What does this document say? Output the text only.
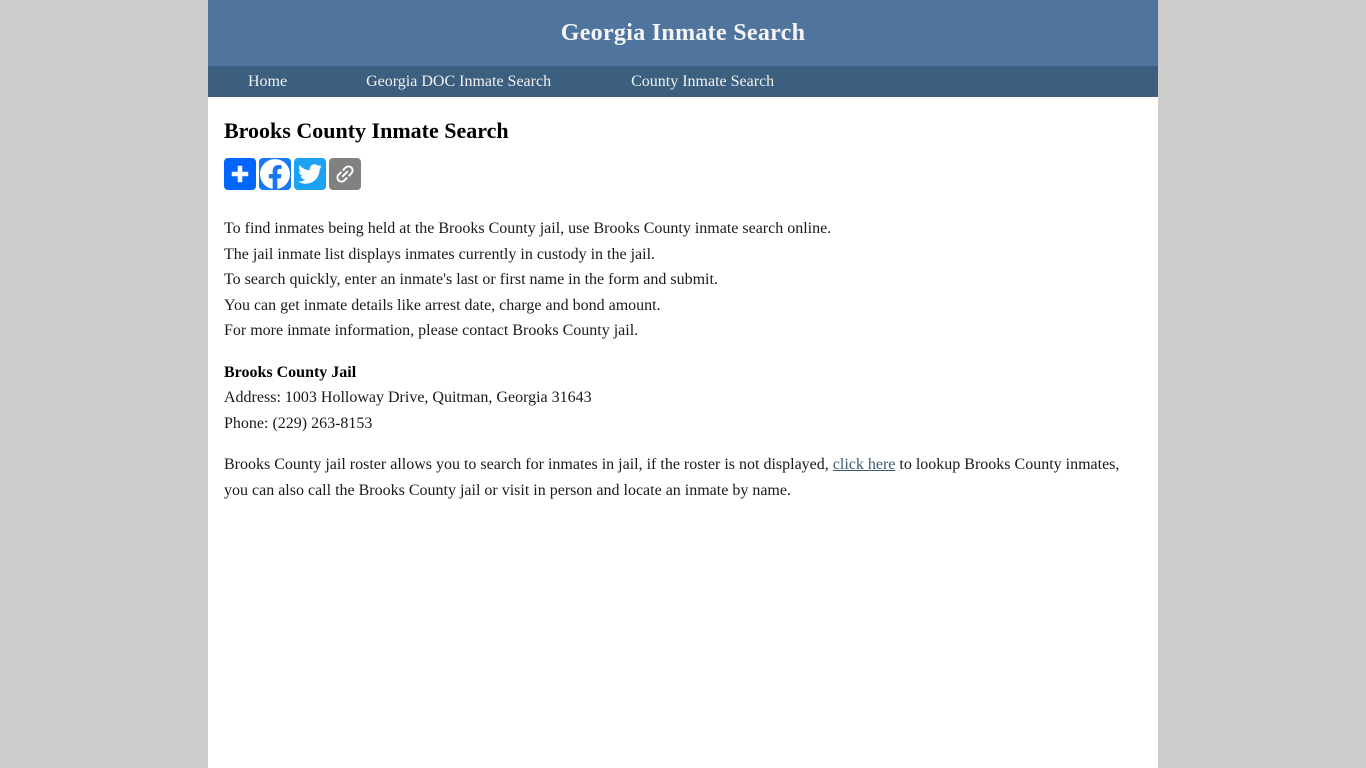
Georgia Inmate Search
Home	Georgia DOC Inmate Search	County Inmate Search
Brooks County Inmate Search

To find inmates being held at the Brooks County jail, use Brooks County inmate search online.
The jail inmate list displays inmates currently in custody in the jail.
To search quickly, enter an inmate's last or first name in the form and submit.
You can get inmate details like arrest date, charge and bond amount.
For more inmate information, please contact Brooks County jail.

Brooks County Jail
Address: 1003 Holloway Drive, Quitman, Georgia 31643
Phone: (229) 263-8153

Brooks County jail roster allows you to search for inmates in jail, if the roster is not displayed, click here to lookup Brooks County inmates, you can also call the Brooks County jail or visit in person and locate an inmate by name.
